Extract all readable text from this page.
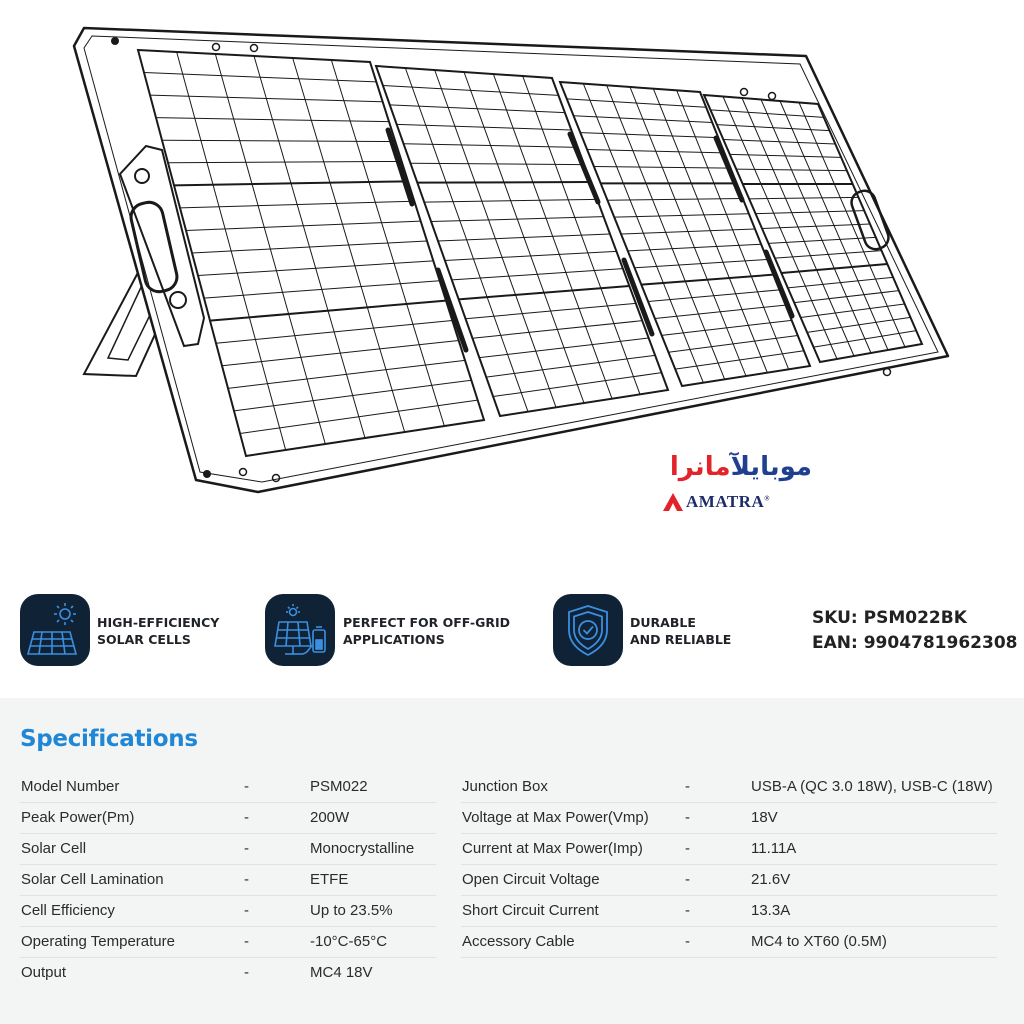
موبایلآمانرا
AMATRA®
HIGH-EFFICIENCY
SOLAR CELLS
PERFECT FOR OFF-GRID
APPLICATIONS
DURABLE
AND RELIABLE
SKU: PSM022BK
EAN: 9904781962308
Specifications
Model Number	-	PSM022
Peak Power(Pm)	-	200W
Solar Cell	-	Monocrystalline
Solar Cell Lamination	-	ETFE
Cell Efficiency	-	Up to 23.5%
Operating Temperature	-	-10°C-65°C
Output	-	MC4 18V
Junction Box	-	USB-A (QC 3.0 18W), USB-C (18W)
Voltage at Max Power(Vmp) -	18V
Current at Max Power(Imp)	-	11.11A
Open Circuit Voltage	-	21.6V
Short Circuit Current	-	13.3A
Accessory Cable	-	MC4 to XT60 (0.5M)
